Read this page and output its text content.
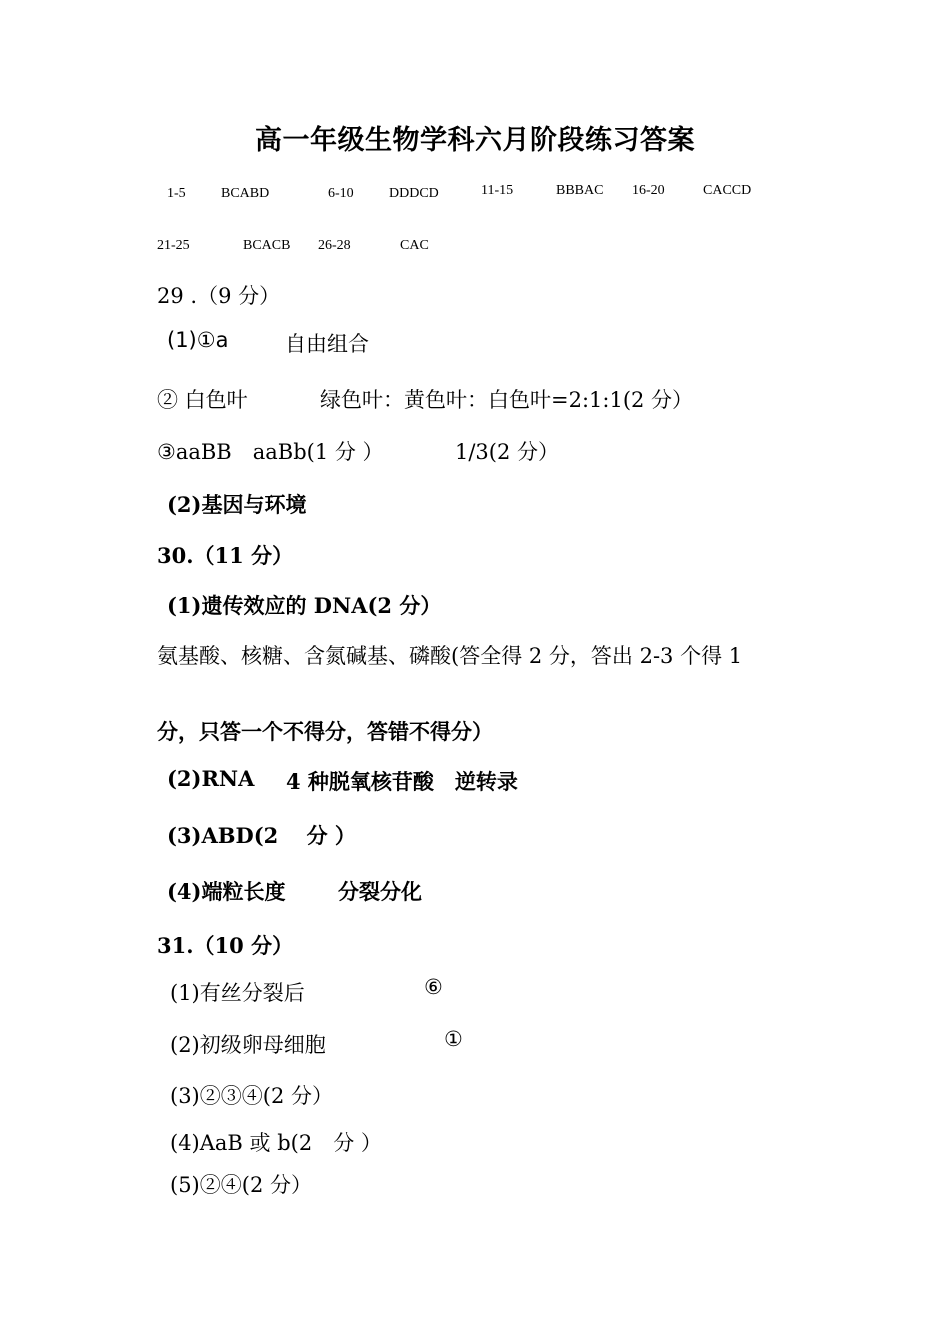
高一年级生物学科六月阶段练习答案
1-5	BCABD	6-10	DDDCD	11-15	BBBAC 16-20	CACCD
21-25	BCACB 26-28	CAC
29 .（9 分）
(1)①a	自由组合
② 白色叶	绿色叶：黄色叶：白色叶=2:1:1(2 分）
③aaBB　aaBb(1 分 ）	1/3(2 分）
(2)基因与环境
30.（11 分）
(1)遗传效应的 DNA(2 分）
氨基酸、核糖、含氮碱基、磷酸(答全得 2 分，答出 2-3 个得 1
分，只答一个不得分，答错不得分）
(2)RNA 4 种脱氧核苷酸　逆转录
(3)ABD(2　 分 ）
(4)端粒长度	分裂分化
31.（10 分）
(1)有丝分裂后	⑥
(2)初级卵母细胞	①
(3)②③④(2 分）
(4)AaB 或 b(2　分 ）
(5)②④(2 分）
